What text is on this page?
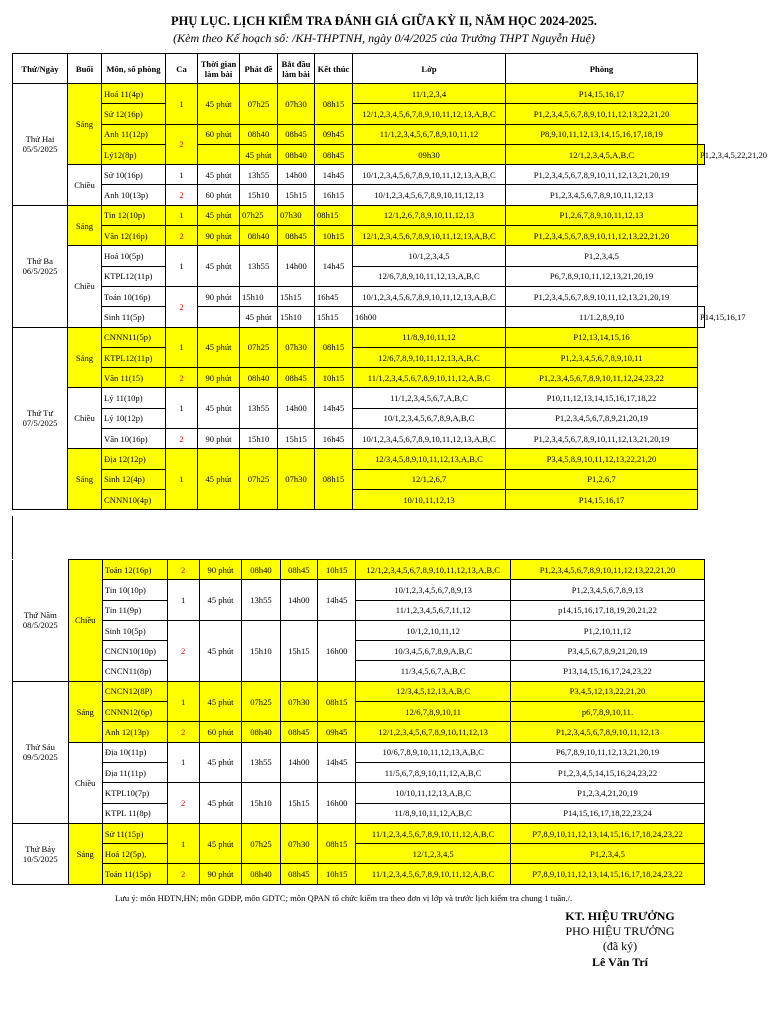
PHỤ LỤC. LỊCH KIỂM TRA ĐÁNH GIÁ GIỮA KỲ II, NĂM HỌC 2024-2025.
(Kèm theo Kế hoạch số: /KH-THPTNH, ngày 0/4/2025 của Trường THPT Nguyễn Huệ)
Thứ/Ngày	Buổi	Môn, số phòng	Ca	Thời gian làm bài	Phát đề	Bắt đầu làm bài	Kết thúc	Lớp	Phòng	
Thứ Hai 05/5/2025	Sáng	Hoá 11(4p)	1	45 phút	07h25	07h30	08h15	11/1,2,3,4	P14,15,16,17	
		Sử 12(16p)						12/1,2,3,4,5,6,7,8,9,10,11,12,13,A,B,C	P1,2,3,4,5,6,7,8,9,10,11,12,13,22,21,20	
		Anh 11(12p)	2	60 phút	08h40	08h45	09h45	11/1,2,3,4,5,6,7,8,9,10,11,12	P8,9,10,11,12,13,14,15,16,17,18,19	
		Lý12(8p)			45 phút	08h40	08h45	09h30	12/1,2,3,4,5,A,B,C	P1,2,3,4,5,22,21,20
	Chiều	Sử 10(16p)	1	45 phút	13h55	14h00	14h45	10/1,2,3,4,5,6,7,8,9,10,11,12,13,A,B,C	P1,2,3,4,5,6,7,8,9,10,11,12,13,21,20,19	
		Anh 10(13p)	2	60 phút	15h10	15h15	16h15	10/1,2,3,4,5,6,7,8,9,10,11,12,13	P1,2,3,4,5,6,7,8,9,10,11,12,13	
Thứ Ba 06/5/2025	Sáng	Tin 12(10p)	1	45 phút	07h25	07h30	08h15	12/1,2,6,7,8,9,10,11,12,13	P1,2,6,7,8,9,10,11,12,13	
		Văn 12(16p)	2	90 phút	08h40	08h45	10h15	12/1,2,3,4,5,6,7,8,9,10,11,12,13,A,B,C	P1,2,3,4,5,6,7,8,9,10,11,12,13,22,21,20	
	Chiều	Hoá 10(5p)	1	45 phút	13h55	14h00	14h45	10/1,2,3,4,5	P1,2,3,4,5	
		KTPL12(11p)						12/6,7,8,9,10,11,12,13,A,B,C	P6,7,8,9,10,11,12,13,21,20,19	
		Toán 10(16p)	2	90 phút	15h10	15h15	16h45	10/1,2,3,4,5,6,7,8,9,10,11,12,13,A,B,C	P1,2,3,4,5,6,7,8,9,10,11,12,13,21,20,19	
		Sinh 11(5p)			45 phút	15h10	15h15	16h00	11/1.2,8,9,10	P14,15,16,17
Thứ Tư 07/5/2025	Sáng	CNNN11(5p)	1	45 phút	07h25	07h30	08h15	11/8,9,10,11,12	P12,13,14,15,16	
		KTPL12(11p)						12/6,7,8,9,10,11,12,13,A,B,C	P1,2,3,4,5,6,7,8,9,10,11	
		Văn 11(15)	2	90 phút	08h40	08h45	10h15	11/1,2,3,4,5,6,7,8,9,10,11,12,A,B,C	P1,2,3,4,5,6,7,8,9,10,11,12,24,23,22	
	Chiều	Lý 11(10p)	1	45 phút	13h55	14h00	14h45	11/1,2,3,4,5,6,7,A,B,C	P10,11,12,13,14,15,16,17,18,22	
		Lý 10(12p)						10/1,2,3,4,5,6,7,8,9,A,B,C	P1,2,3,4,5,6,7,8,9,21,20,19	
		Văn 10(16p)	2	90 phút	15h10	15h15	16h45	10/1,2,3,4,5,6,7,8,9,10,11,12,13,A,B,C	P1,2,3,4,5,6,7,8,9,10,11,12,13,21,20,19	
	Sáng	Địa 12(12p)	1	45 phút	07h25	07h30	08h15	12/3,4,5,8,9,10,11,12,13,A,B,C	P3,4,5,8,9,10,11,12,13,22,21,20	
		Sinh 12(4p)						12/1,2,6,7	P1,2,6,7	
		CNNN10(4p)						10/10,11,12,13	P14,15,16,17	
Thứ Năm 08/5/2025	Chiều	Toán 12(16p)	2	90 phút	08h40	08h45	10h15	12/1,2,3,4,5,6,7,8,9,10,11,12,13,A,B,C	P1,2,3,4,5,6,7,8,9,10,11,12,13,22,21,20
		Tin 10(10p)	1	45 phút	13h55	14h00	14h45	10/1,2,3,4,5,6,7,8,9,13	P1,2,3,4,5,6,7,8,9,13
		Tin 11(9p)						11/1,2,3,4,5,6,7,11,12	p14,15,16,17,18,19,20,21,22
		Sinh 10(5p)	2	45 phút	15h10	15h15	16h00	10/1,2,10,11,12	P1,2,10,11,12
		CNCN10(10p)						10/3,4,5,6,7,8,9,A,B,C	P3,4,5,6,7,8,9,21,20,19
		CNCN11(8p)						11/3,4,5,6,7,A,B,C	P13,14,15,16,17,24,23,22
Thứ Sáu 09/5/2025	Sáng	CNCN12(8P)	1	45 phút	07h25	07h30	08h15	12/3,4,5,12,13,A,B,C	P3,4,5,12,13,22,21,20
		CNNN12(6p)						12/6,7,8,9,10,11	p6,7,8,9,10,11.
		Anh 12(13p)	2	60 phút	08h40	08h45	09h45	12/1,2,3,4,5,6,7,8,9,10,11,12,13	P1,2,3,4,5,6,7,8,9,10,11,12,13
	Chiều	Địa 10(11p)	1	45 phút	13h55	14h00	14h45	10/6,7,8,9,10,11,12,13,A,B,C	P6,7,8,9,10,11,12,13,21,20,19
		Địa 11(11p)						11/5,6,7,8,9,10,11,12,A,B,C	P1,2,3,4,5,14,15,16,24,23,22
		KTPL10(7p)	2	45 phút	15h10	15h15	16h00	10/10,11,12,13,A,B,C	P1,2,3,4,21,20,19
		KTPL 11(8p)						11/8,9,10,11,12,A,B,C	P14,15,16,17,18,22,23,24
Thứ Bảy 10/5/2025	Sáng	Sử 11(15p)	1	45 phút	07h25	07h30	08h15	11/1,2,3,4,5,6,7,8,9,10,11,12,A,B,C	P7,8,9,10,11,12,13,14,15,16,17,18,24,23,22
		Hoá 12(5p),						12/1,2,3,4,5	P1,2,3,4,5
		Toán 11(15p)	2	90 phút	08h40	08h45	10h15	11/1,2,3,4,5,6,7,8,9,10,11,12,A,B,C	P7,8,9,10,11,12,13,14,15,16,17,18,24,23,22
Lưu ý: môn HĐTN,HN; môn GDĐP, môn GDTC; môn QPAN tổ chức kiểm tra theo đơn vị lớp và trước lịch kiểm tra chung 1 tuần./.
KT. HIỆU TRƯỞNG
PHO HIỆU TRƯỞNG
(đã ký)
Lê Văn Trí
